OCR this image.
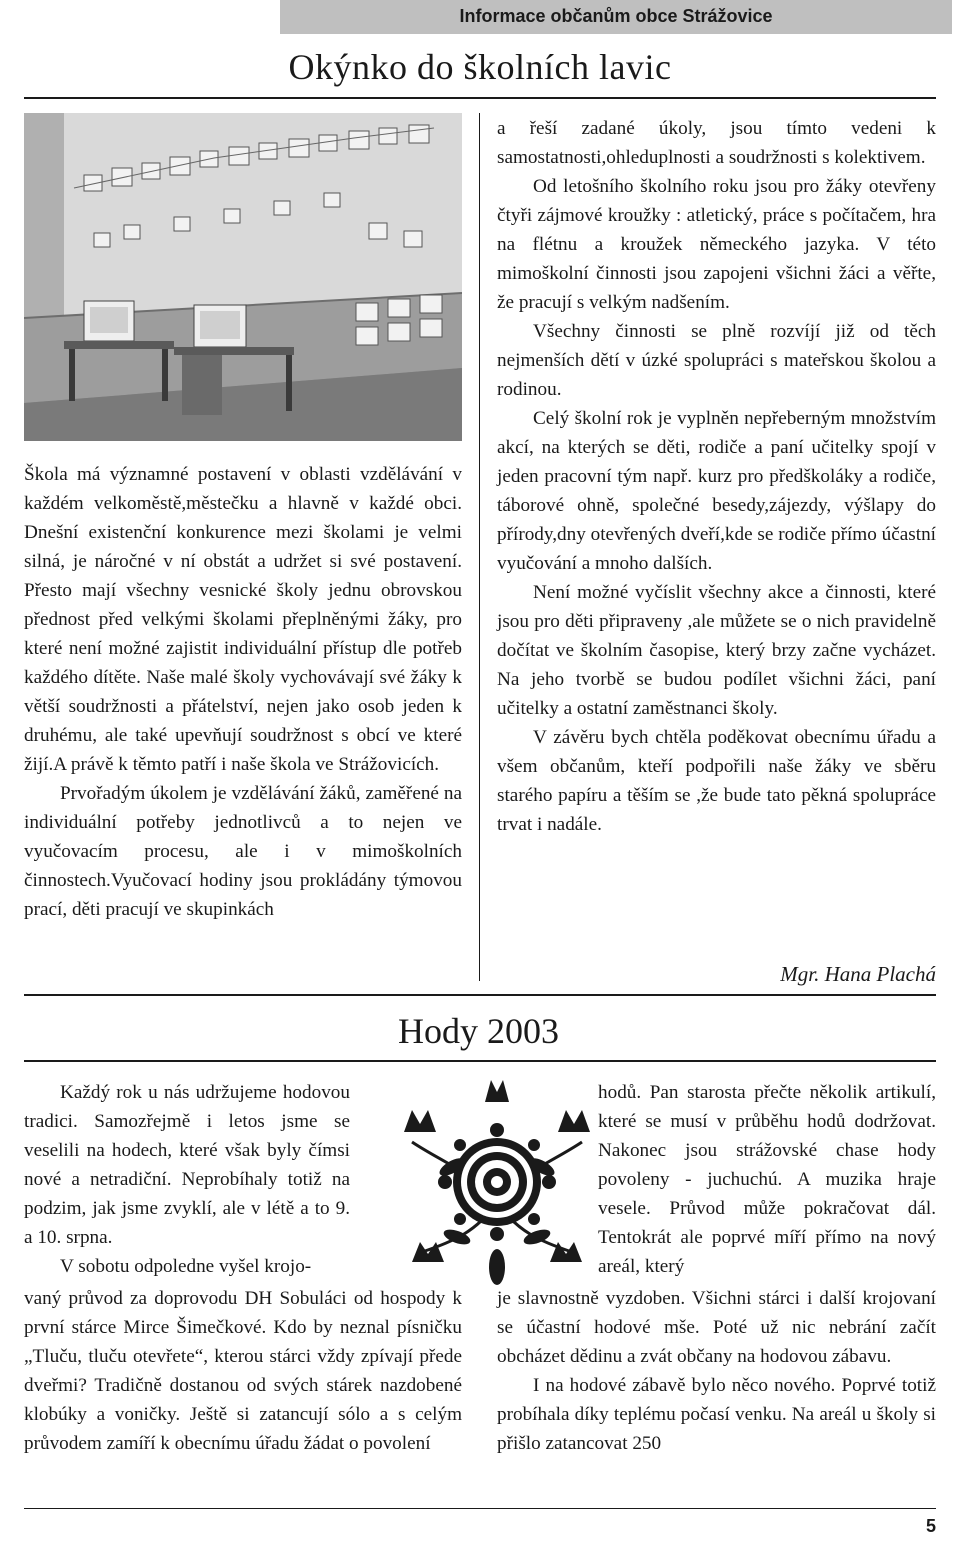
Informace občanům obce Strážovice
Okýnko do školních lavic

Škola má významné postavení v oblasti vzdělávání v každém velkoměstě,městečku a hlavně v každé obci. Dnešní existenční konkurence mezi školami je velmi silná, je náročné v ní obstát a udržet si své postavení. Přesto mají všechny vesnické školy jednu obrovskou přednost před velkými školami přeplněnými žáky, pro které není možné zajistit individuální přístup dle potřeb každého dítěte. Naše malé školy vychovávají své žáky k větší soudržnosti a přátelství, nejen jako osob jeden k druhému, ale také upevňují soudržnost s obcí ve které žijí.A právě k těmto patří i naše škola ve Strážovicích.

Prvořadým úkolem je vzdělávání žáků, zaměřené na individuální potřeby jednotlivců a to nejen ve vyučovacím procesu, ale i v mimoškolních činnostech.Vyučovací hodiny jsou prokládány týmovou prací, děti pracují ve skupinkách

a řeší zadané úkoly, jsou tímto vedeni k samostatnosti,ohleduplnosti a soudržnosti s kolektivem.

Od letošního školního roku jsou pro žáky otevřeny čtyři zájmové kroužky : atletický, práce s počítačem, hra na flétnu a kroužek německého jazyka. V této mimoškolní činnosti jsou zapojeni všichni žáci a věřte, že pracují s velkým nadšením.

Všechny činnosti se plně rozvíjí již od těch nejmenších dětí v úzké spolupráci s mateřskou školou a rodinou.

Celý školní rok je vyplněn nepřeberným množstvím akcí, na kterých se děti, rodiče a paní učitelky spojí v jeden pracovní tým např. kurz pro předškoláky a rodiče, táborové ohně, společné besedy,zájezdy, výšlapy do přírody,dny otevřených dveří,kde se rodiče přímo účastní vyučování a mnoho dalších.

Není možné vyčíslit všechny akce a činnosti, které jsou pro děti připraveny ,ale můžete se o nich pravidelně dočítat ve školním časopise, který brzy začne vycházet. Na jeho tvorbě se budou podílet všichni žáci, paní učitelky a ostatní zaměstnanci školy.

V závěru bych chtěla poděkovat obecnímu úřadu a všem občanům, kteří podpořili naše žáky ve sběru starého papíru a těším se ,že bude tato pěkná spolupráce trvat i nadále.

Mgr. Hana Plachá
Hody 2003

Každý rok u nás udržujeme hodovou tradici. Samozřejmě i letos jsme se veselili na hodech, které však byly čímsi nové a netradiční. Neprobíhaly totiž na podzim, jak jsme zvyklí, ale v létě a to 9. a 10. srpna.

V sobotu odpoledne vyšel krojo-

vaný průvod za doprovodu DH Sobuláci od hospody k první stárce Mirce Šimečkové. Kdo by neznal písničku „Tluču, tluču otevřete“, kterou stárci vždy zpívají přede dveřmi? Tradičně dostanou od svých stárek nazdobené klobúky a voničky. Ještě si zatancují sólo a s celým průvodem zamíří k obecnímu úřadu žádat o povolení

hodů. Pan starosta přečte několik artikulí, které se musí v průběhu hodů dodržovat. Nakonec jsou strážovské chase hody povoleny - juchuchú. A muzika hraje vesele. Průvod může pokračovat dál. Tentokrát ale poprvé míří přímo na nový areál, který

je slavnostně vyzdoben. Všichni stárci i další krojovaní se účastní hodové mše. Poté už nic nebrání začít obcházet dědinu a zvát občany na hodovou zábavu.

I na hodové zábavě bylo něco nového. Poprvé totiž probíhala díky teplému počasí venku. Na areál u školy si přišlo zatancovat 250

5
